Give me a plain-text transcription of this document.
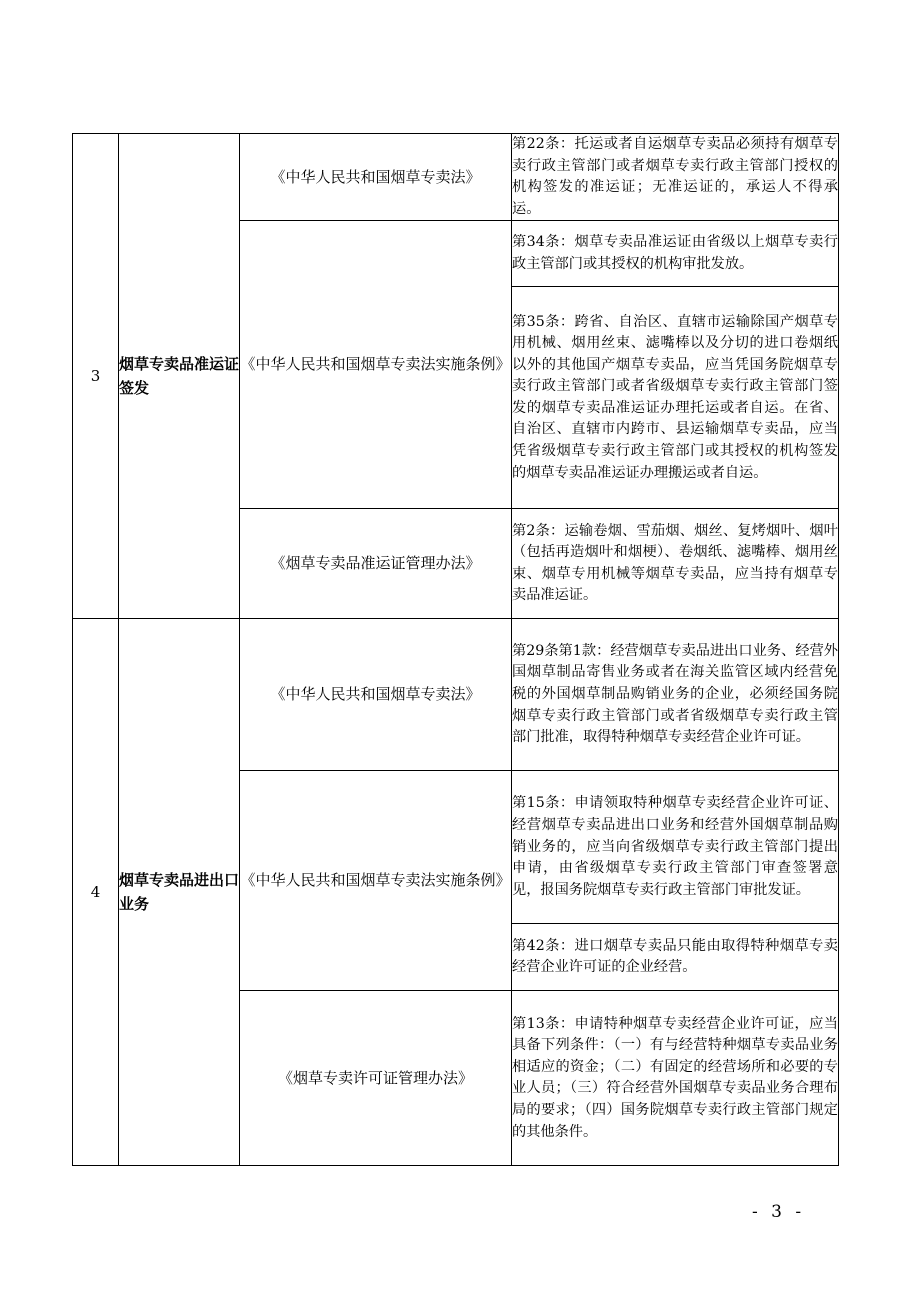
3	烟草专卖品准运证签发	《中华人民共和国烟草专卖法》	第22条：托运或者自运烟草专卖品必须持有烟草专卖行政主管部门或者烟草专卖行政主管部门授权的机构签发的准运证；无准运证的，承运人不得承运。
		《中华人民共和国烟草专卖法实施条例》	第34条：烟草专卖品准运证由省级以上烟草专卖行政主管部门或其授权的机构审批发放。
			第35条：跨省、自治区、直辖市运输除国产烟草专用机械、烟用丝束、滤嘴棒以及分切的进口卷烟纸以外的其他国产烟草专卖品，应当凭国务院烟草专卖行政主管部门或者省级烟草专卖行政主管部门签发的烟草专卖品准运证办理托运或者自运。在省、自治区、直辖市内跨市、县运输烟草专卖品，应当凭省级烟草专卖行政主管部门或其授权的机构签发的烟草专卖品准运证办理搬运或者自运。
		《烟草专卖品准运证管理办法》	第2条：运输卷烟、雪茄烟、烟丝、复烤烟叶、烟叶（包括再造烟叶和烟梗）、卷烟纸、滤嘴棒、烟用丝束、烟草专用机械等烟草专卖品，应当持有烟草专卖品准运证。
4	烟草专卖品进出口业务	《中华人民共和国烟草专卖法》	第29条第1款：经营烟草专卖品进出口业务、经营外国烟草制品寄售业务或者在海关监管区域内经营免税的外国烟草制品购销业务的企业，必须经国务院烟草专卖行政主管部门或者省级烟草专卖行政主管部门批准，取得特种烟草专卖经营企业许可证。
		《中华人民共和国烟草专卖法实施条例》	第15条：申请领取特种烟草专卖经营企业许可证、经营烟草专卖品进出口业务和经营外国烟草制品购销业务的，应当向省级烟草专卖行政主管部门提出申请，由省级烟草专卖行政主管部门审查签署意见，报国务院烟草专卖行政主管部门审批发证。
			第42条：进口烟草专卖品只能由取得特种烟草专卖经营企业许可证的企业经营。
		《烟草专卖许可证管理办法》	第13条：申请特种烟草专卖经营企业许可证，应当具备下列条件：（一）有与经营特种烟草专卖品业务相适应的资金；（二）有固定的经营场所和必要的专业人员；（三）符合经营外国烟草专卖品业务合理布局的要求；（四）国务院烟草专卖行政主管部门规定的其他条件。
- 3 -
